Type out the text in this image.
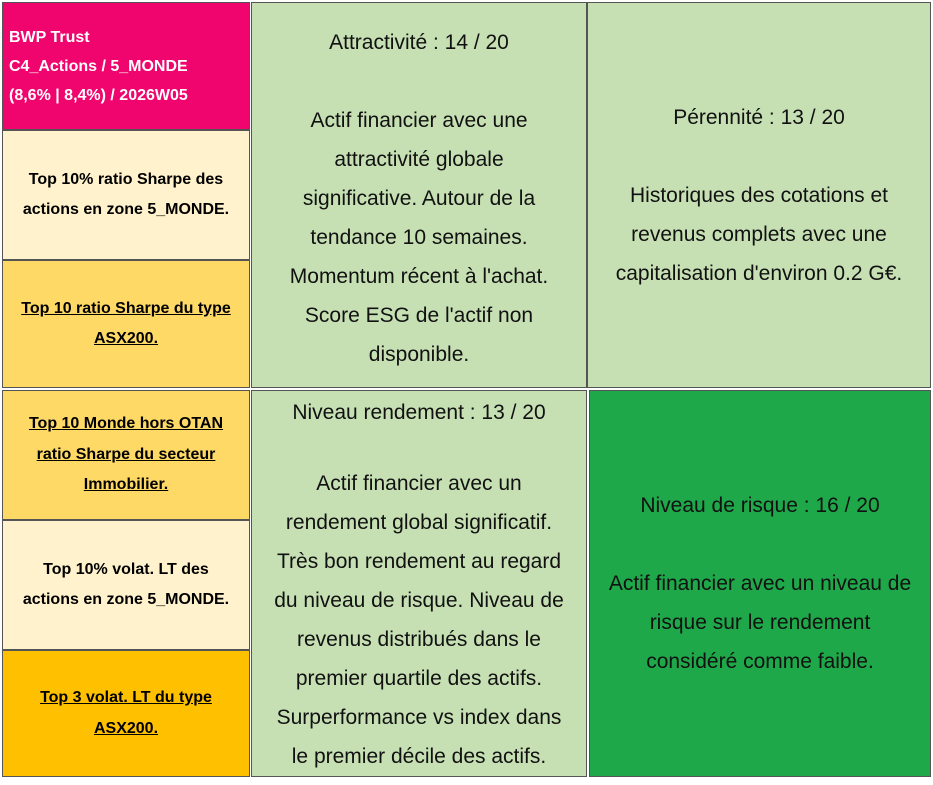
BWP Trust
C4_Actions / 5_MONDE
(8,6% | 8,4%) / 2026W05
Top 10% ratio Sharpe des
actions en zone 5_MONDE.
Top 10 ratio Sharpe du type
ASX200.
Top 10 Monde hors OTAN
ratio Sharpe du secteur
Immobilier.
Top 10% volat. LT des
actions en zone 5_MONDE.
Top 3 volat. LT du type
ASX200.
Attractivité : 14 / 20
Actif financier avec une
attractivité globale
significative. Autour de la
tendance 10 semaines.
Momentum récent à l'achat.
Score ESG de l'actif non
disponible.
Pérennité : 13 / 20
Historiques des cotations et
revenus complets avec une
capitalisation d'environ 0.2 G€.
Niveau rendement : 13 / 20
Actif financier avec un
rendement global significatif.
Très bon rendement au regard
du niveau de risque. Niveau de
revenus distribués dans le
premier quartile des actifs.
Surperformance vs index dans
le premier décile des actifs.
Niveau de risque : 16 / 20
Actif financier avec un niveau de
risque sur le rendement
considéré comme faible.
